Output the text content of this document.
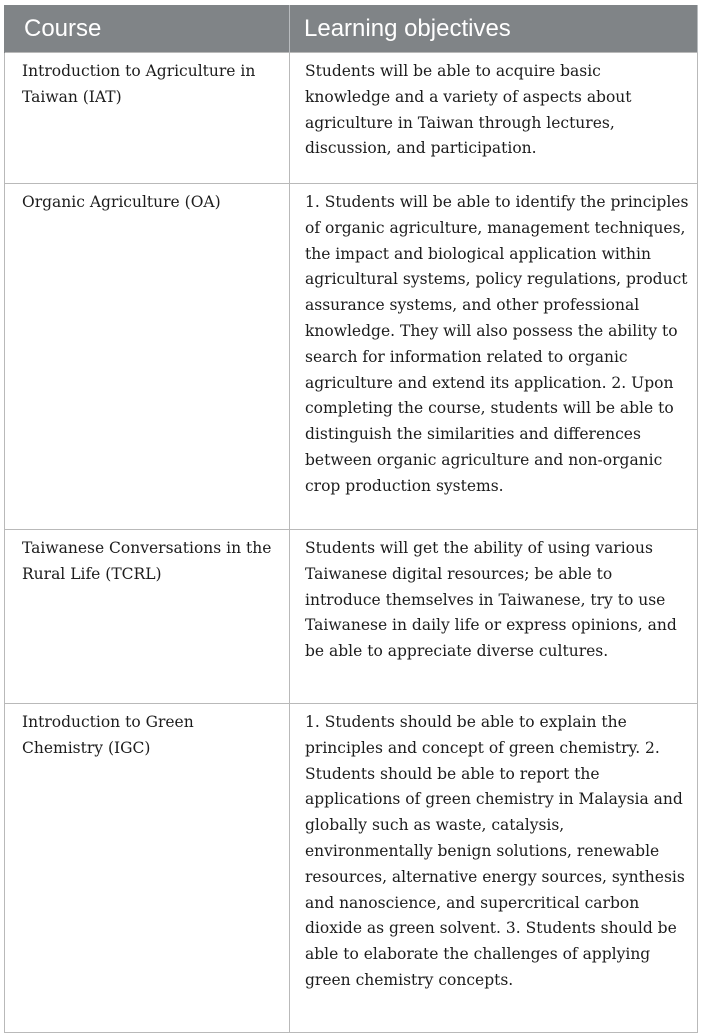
Course	Learning objectives
Introduction to Agriculture in Taiwan (IAT)	Students will be able to acquire basic knowledge and a variety of aspects about agriculture in Taiwan through lectures, discussion, and participation.
Organic Agriculture (OA)	1. Students will be able to identify the principles of organic agriculture, management techniques, the impact and biological application within agricultural systems, policy regulations, product assurance systems, and other professional knowledge. They will also possess the ability to search for information related to organic agriculture and extend its application. 2. Upon completing the course, students will be able to distinguish the similarities and differences between organic agriculture and non-organic crop production systems.
Taiwanese Conversations in the Rural Life (TCRL)	Students will get the ability of using various Taiwanese digital resources; be able to introduce themselves in Taiwanese, try to use Taiwanese in daily life or express opinions, and be able to appreciate diverse cultures.
Introduction to Green Chemistry (IGC)	1. Students should be able to explain the principles and concept of green chemistry. 2. Students should be able to report the applications of green chemistry in Malaysia and globally such as waste, catalysis, environmentally benign solutions, renewable resources, alternative energy sources, synthesis and nanoscience, and supercritical carbon dioxide as green solvent. 3. Students should be able to elaborate the challenges of applying green chemistry concepts.
